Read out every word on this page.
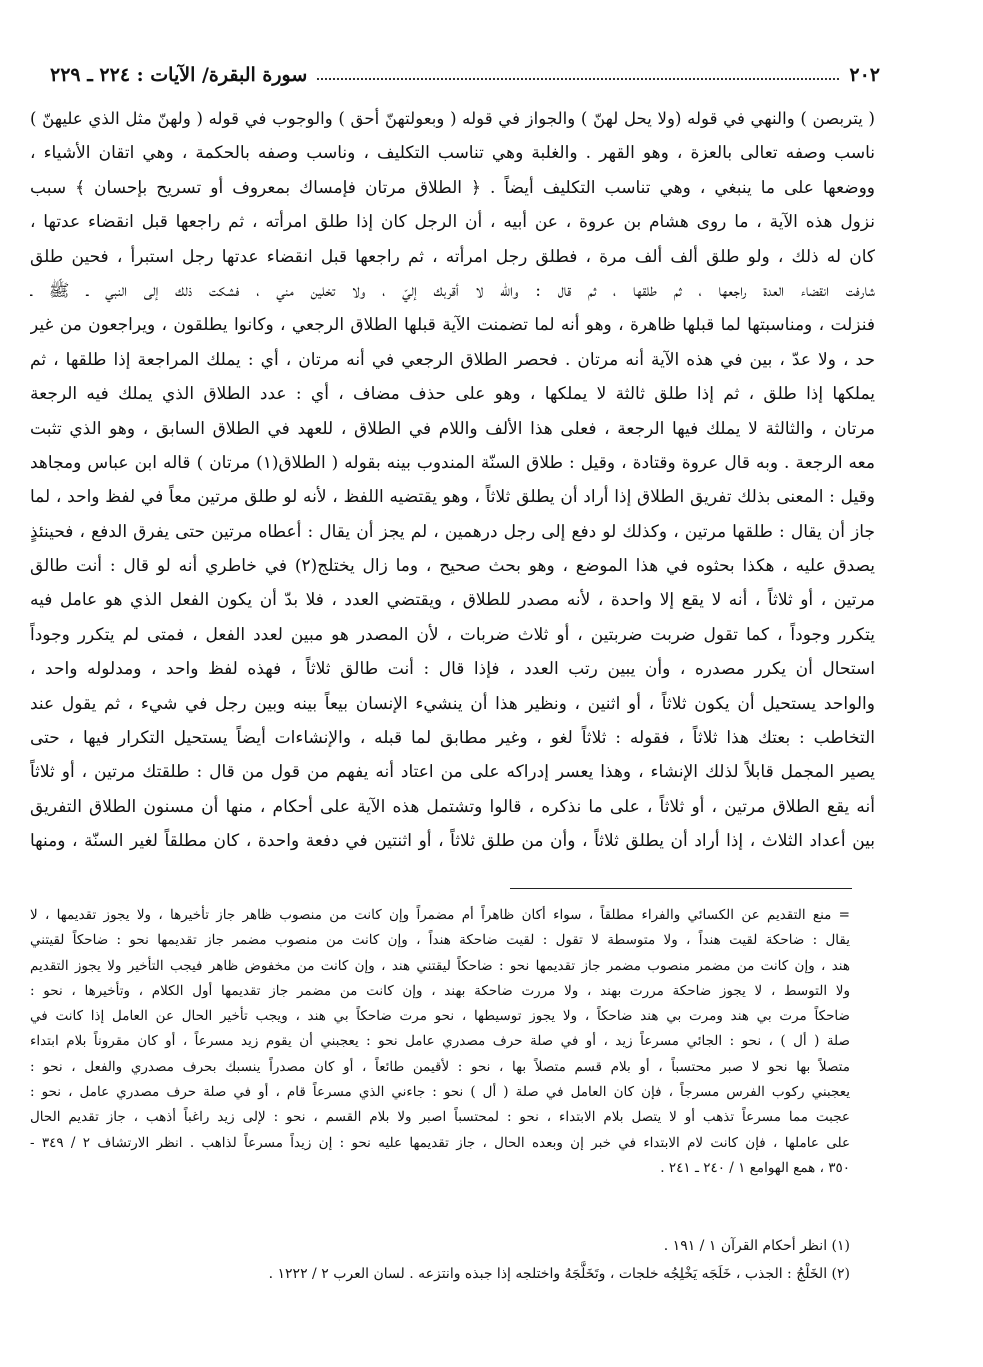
٢٠٢
سورة البقرة/ الآيات : ٢٢٤ ـ ٢٢٩
( يتربصن ) والنهي في قوله (ولا يحل لهنّ ) والجواز في قوله ( وبعولتهنّ أحق ) والوجوب في قوله ( ولهنّ مثل الذي عليهنّ )
ناسب وصفه تعالى بالعزة ، وهو القهر . والغلبة وهي تناسب التكليف ، وناسب وصفه بالحكمة ، وهي اتقان الأشياء ،
ووضعها على ما ينبغي ، وهي تناسب التكليف أيضاً . ﴿ الطلاق مرتان فإمساك بمعروف أو تسريح بإحسان ﴾ سبب
نزول هذه الآية ، ما روى هشام بن عروة ، عن أبيه ، أن الرجل كان إذا طلق امرأته ، ثم راجعها قبل انقضاء عدتها ،
كان له ذلك ، ولو طلق ألف ألف مرة ، فطلق رجل امرأته ، ثم راجعها قبل انقضاء عدتها رجل استبرأ ، فحين طلق
شارفت انقضاء العدة راجعها ، ثم طلقها ، ثم قال : والله لا أقربك إليّ ، ولا تخلين مني ، فشكت ذلك إلى النبي ـ ﷺ ـ
فنزلت ، ومناسبتها لما قبلها ظاهرة ، وهو أنه لما تضمنت الآية قبلها الطلاق الرجعي ، وكانوا يطلقون ، ويراجعون من غير
حد ، ولا عدّ ، بين في هذه الآية أنه مرتان . فحصر الطلاق الرجعي في أنه مرتان ، أي : يملك المراجعة إذا طلقها ، ثم
يملكها إذا طلق ، ثم إذا طلق ثالثة لا يملكها ، وهو على حذف مضاف ، أي : عدد الطلاق الذي يملك فيه الرجعة
مرتان ، والثالثة لا يملك فيها الرجعة ، فعلى هذا الألف واللام في الطلاق ، للعهد في الطلاق السابق ، وهو الذي تثبت
معه الرجعة . وبه قال عروة وقتادة ، وقيل : طلاق السنّة المندوب بينه بقوله ( الطلاق(١) مرتان ) قاله ابن عباس ومجاهد
وقيل : المعنى بذلك تفريق الطلاق إذا أراد أن يطلق ثلاثاً ، وهو يقتضيه اللفظ ، لأنه لو طلق مرتين معاً في لفظ واحد ، لما
جاز أن يقال : طلقها مرتين ، وكذلك لو دفع إلى رجل درهمين ، لم يجز أن يقال : أعطاه مرتين حتى يفرق الدفع ، فحينئذٍ
يصدق عليه ، هكذا بحثوه في هذا الموضع ، وهو بحث صحيح ، وما زال يختلج(٢) في خاطري أنه لو قال : أنت طالق
مرتين ، أو ثلاثاً ، أنه لا يقع إلا واحدة ، لأنه مصدر للطلاق ، ويقتضي العدد ، فلا بدّ أن يكون الفعل الذي هو عامل فيه
يتكرر وجوداً ، كما تقول ضربت ضربتين ، أو ثلاث ضربات ، لأن المصدر هو مبين لعدد الفعل ، فمتى لم يتكرر وجوداً
استحال أن يكرر مصدره ، وأن يبين رتب العدد ، فإذا قال : أنت طالق ثلاثاً ، فهذه لفظ واحد ، ومدلوله واحد ،
والواحد يستحيل أن يكون ثلاثاً ، أو اثنين ، ونظير هذا أن ينشيء الإنسان بيعاً بينه وبين رجل في شيء ، ثم يقول عند
التخاطب : بعتك هذا ثلاثاً ، فقوله : ثلاثاً لغو ، وغير مطابق لما قبله ، والإنشاءات أيضاً يستحيل التكرار فيها ، حتى
يصير المجمل قابلاً لذلك الإنشاء ، وهذا يعسر إدراكه على من اعتاد أنه يفهم من قول من قال : طلقتك مرتين ، أو ثلاثاً
أنه يقع الطلاق مرتين ، أو ثلاثاً ، على ما نذكره ، قالوا وتشتمل هذه الآية على أحكام ، منها أن مسنون الطلاق التفريق
بين أعداد الثلاث ، إذا أراد أن يطلق ثلاثاً ، وأن من طلق ثلاثاً ، أو اثنتين في دفعة واحدة ، كان مطلقاً لغير السنّة ، ومنها
= منع التقديم عن الكسائي والفراء مطلقاً ، سواء أكان ظاهراً أم مضمراً وإن كانت من منصوب ظاهر جاز تأخيرها ، ولا يجوز تقديمها ، لا
يقال : ضاحكة لقيت هنداً ، ولا متوسطة لا تقول : لقيت ضاحكة هنداً ، وإن كانت من منصوب مضمر جاز تقديمها نحو : ضاحكاً لقيتني
هند ، وإن كانت من مضمر منصوب مضمر جاز تقديمها نحو : ضاحكاً ليقتني هند ، وإن كانت من مخفوض ظاهر فيجب التأخير ولا يجوز التقديم
ولا التوسط ، لا يجوز ضاحكة مررت بهند ، ولا مررت ضاحكة بهند ، وإن كانت من مضمر جاز تقديمها أول الكلام ، وتأخيرها ، نحو :
ضاحكاً مرت بي هند ومرت بي هند ضاحكاً ، ولا يجوز توسيطها ، نحو مرت ضاحكاً بي هند ، ويجب تأخير الحال عن العامل إذا كانت في
صلة ( أل ) ، نحو : الجائي مسرعاً زيد ، أو في صلة حرف مصدري عامل نحو : يعجبني أن يقوم زيد مسرعاً ، أو كان مقروناً بلام ابتداء
متصلاً بها نحو لا صبر محتسباً ، أو بلام قسم متصلاً بها ، نحو : لأقيمن طائعاً ، أو كان مصدراً ينسبك بحرف مصدري والفعل ، نحو :
يعجبني ركوب الفرس مسرجاً ، فإن كان العامل في صلة ( أل ) نحو : جاءني الذي مسرعاً قام ، أو في صلة حرف مصدري عامل ، نحو :
عجبت مما مسرعاً تذهب أو لا يتصل بلام الابتداء ، نحو : لمحتسباً اصبر ولا بلام القسم ، نحو : لإلى زيد راغباً أذهب ، جاز تقديم الحال
على عاملها ، فإن كانت لام الابتداء في خبر إن وبعده الحال ، جاز تقديمها عليه نحو : إن زيداً مسرعاً لذاهب . انظر الارتشاف ٢ / ٣٤٩ -
٣٥٠ ، همع الهوامع ١ / ٢٤٠ ـ ٢٤١ .
(١) انظر أحكام القرآن ١ / ١٩١ .
(٢) الخَلْجُ : الجذب ، خَلَجَه يَخْلِجُه خلجات ، وتَخَلَّجَهُ واختلجه إذا جبذه وانتزعه . لسان العرب ٢ / ١٢٢٢ .
